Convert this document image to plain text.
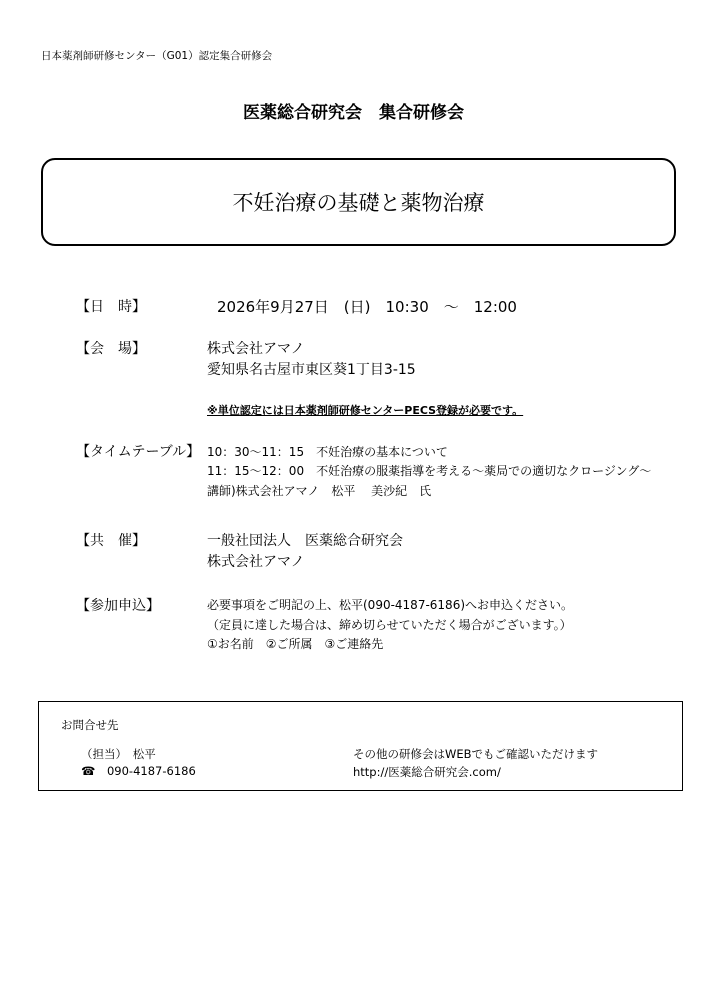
日本薬剤師研修センター（G01）認定集合研修会
医薬総合研究会　集合研修会
不妊治療の基礎と薬物治療
【日　時】	2026年9月27日　(日)　10:30　～　12:00
【会　場】	株式会社アマノ
愛知県名古屋市東区葵1丁目3-15
※単位認定には日本薬剤師研修センターPECS登録が必要です。
【タイムテーブル】 10：30～11：15　不妊治療の基本について
11：15～12：00　不妊治療の服薬指導を考える～薬局での適切なクロージング～
講師)株式会社アマノ　松平　 美沙紀　氏
【共　催】	一般社団法人　医薬総合研究会
株式会社アマノ
【参加申込】	必要事項をご明記の上、松平(090-4187-6186)へお申込ください。
（定員に達した場合は、締め切らせていただく場合がございます。）
①お名前　②ご所属　③ご連絡先
お問合せ先
（担当）　松平
☎ 090-4187-6186
その他の研修会はWEBでもご確認いただけます
http://医薬総合研究会.com/
